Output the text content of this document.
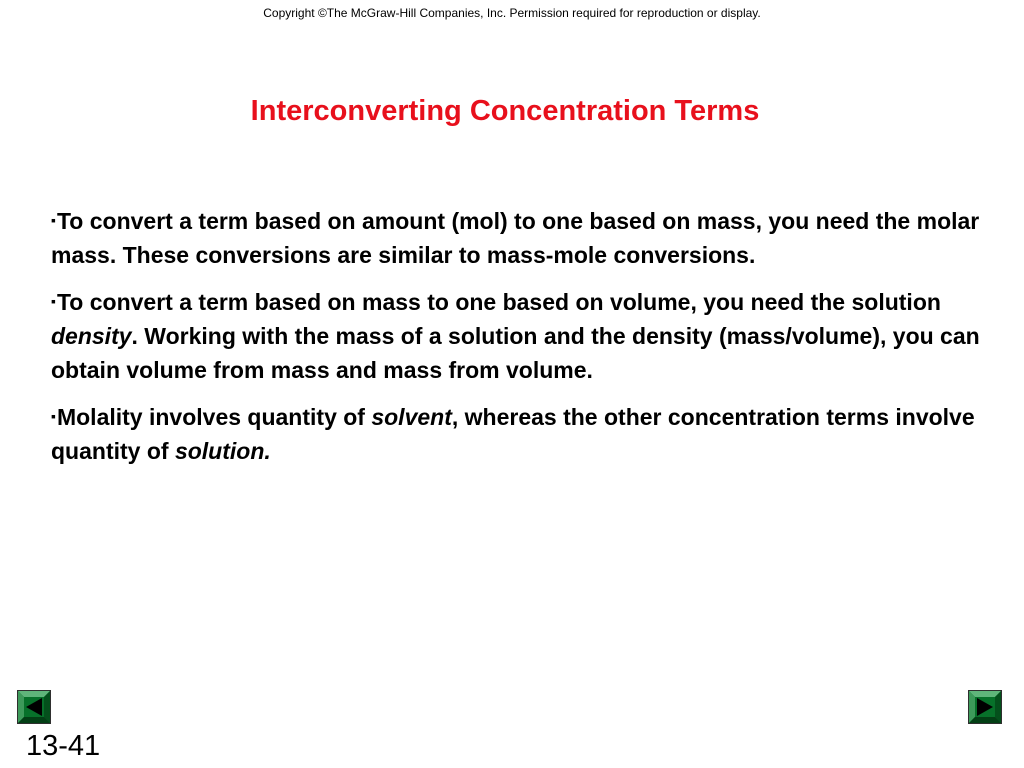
Copyright ©The McGraw-Hill Companies, Inc. Permission required for reproduction or display.
Interconverting Concentration Terms
▪To convert a term based on amount (mol) to one based on mass, you need the molar mass. These conversions are similar to mass-mole conversions.
▪To convert a term based on mass to one based on volume, you need the solution density. Working with the mass of a solution and the density (mass/volume), you can obtain volume from mass and mass from volume.
▪Molality involves quantity of solvent, whereas the other concentration terms involve quantity of solution.
13-41
